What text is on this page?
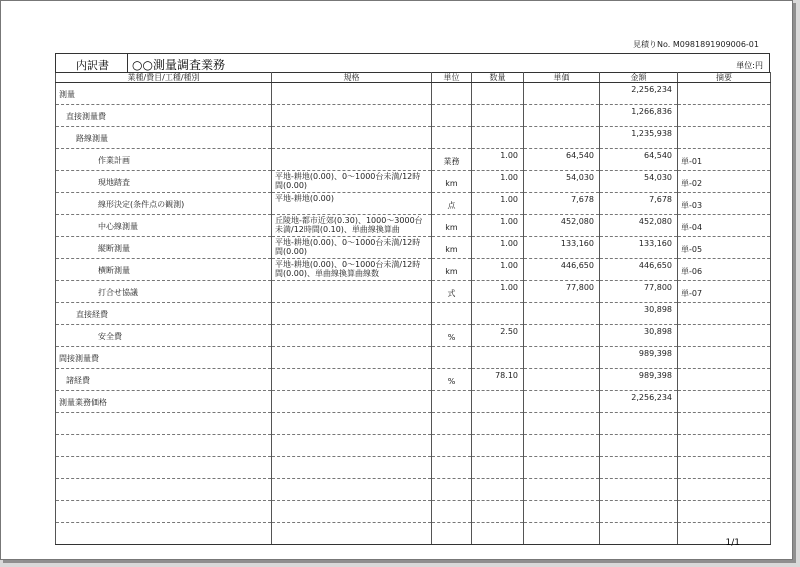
見積りNo. M0981891909006-01
内訳書 ○○測量調査業務	単位:円
業種/費目/工種/種別	規格	単位	数量	単価	金額	摘要
測量					2,256,234	
直接測量費					1,266,836	
路線測量					1,235,938	
作業計画		業務	1.00	64,540	64,540	単-01
現地踏査	平地-耕地(0.00)、0～1000台未満/12時間(0.00)	km	1.00	54,030	54,030	単-02
線形決定(条件点の観測)	平地-耕地(0.00)	点	1.00	7,678	7,678	単-03
中心線測量	丘陵地-都市近郊(0.30)、1000～3000台未満/12時間(0.10)、単曲線換算曲	km	1.00	452,080	452,080	単-04
縦断測量	平地-耕地(0.00)、0～1000台未満/12時間(0.00)	km	1.00	133,160	133,160	単-05
横断測量	平地-耕地(0.00)、0～1000台未満/12時間(0.00)、単曲線換算曲線数	km	1.00	446,650	446,650	単-06
打合せ協議		式	1.00	77,800	77,800	単-07
直接経費					30,898	
安全費		%	2.50		30,898	
間接測量費					989,398	
諸経費		%	78.10		989,398	
測量業務価格					2,256,234	

1/1
